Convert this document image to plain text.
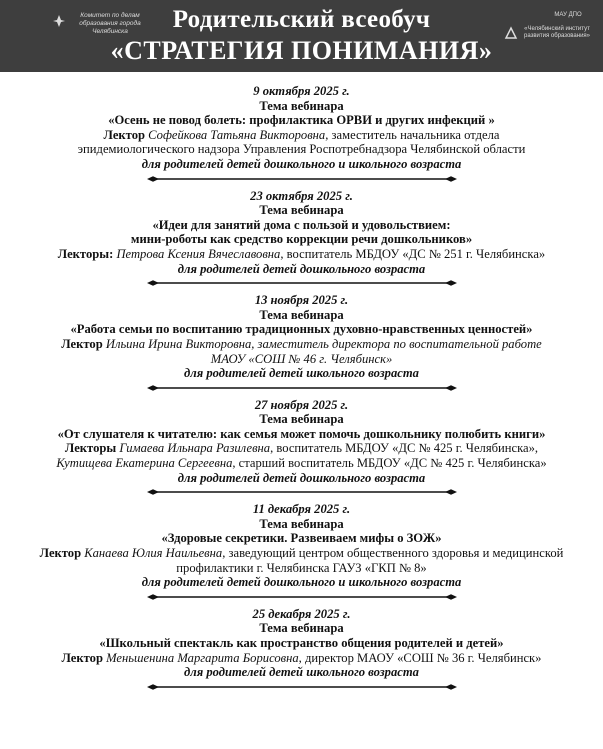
Комитет по делам образования города Челябинска	Родительский всеобуч
«СТРАТЕГИЯ ПОНИМАНИЯ»
МАУ ДПО
«Челябинский институт развития образования»
9 октября 2025 г.
Тема вебинара
«Осень не повод болеть: профилактика ОРВИ и других инфекций »
Лектор Софейкова Татьяна Викторовна, заместитель начальника отдела
эпидемиологического надзора Управления Роспотребнадзора Челябинской области
для родителей детей дошкольного и школьного возраста
23 октября 2025 г.
Тема вебинара
«Идеи для занятий дома с пользой и удовольствием:
мини-роботы как средство коррекции речи дошкольников»
Лекторы: Петрова Ксения Вячеславовна, воспитатель МБДОУ «ДС № 251 г. Челябинска»
для родителей детей дошкольного возраста
13 ноября 2025 г.
Тема вебинара
«Работа семьи по воспитанию традиционных духовно-нравственных ценностей»
Лектор Ильина Ирина Викторовна, заместитель директора по воспитательной работе
МАОУ «СОШ № 46 г. Челябинск»
для родителей детей школьного возраста
27 ноября 2025 г.
Тема вебинара
«От слушателя к читателю: как семья может помочь дошкольнику полюбить книги»
Лекторы Гимаева Ильнара Разилевна, воспитатель МБДОУ «ДС № 425 г. Челябинска»,
Кутищева Екатерина Сергеевна, старший воспитатель МБДОУ «ДС № 425 г. Челябинска»
для родителей детей дошкольного возраста
11 декабря 2025 г.
Тема вебинара
«Здоровые секретики. Развеиваем мифы о ЗОЖ»
Лектор Канаева Юлия Наильевна, заведующий центром общественного здоровья и медицинской
профилактики г. Челябинска ГАУЗ «ГКП № 8»
для родителей детей дошкольного и школьного возраста
25 декабря 2025 г.
Тема вебинара
«Школьный спектакль как пространство общения родителей и детей»
Лектор Меньшенина Маргарита Борисовна, директор МАОУ «СОШ № 36 г. Челябинск»
для родителей детей школьного возраста
